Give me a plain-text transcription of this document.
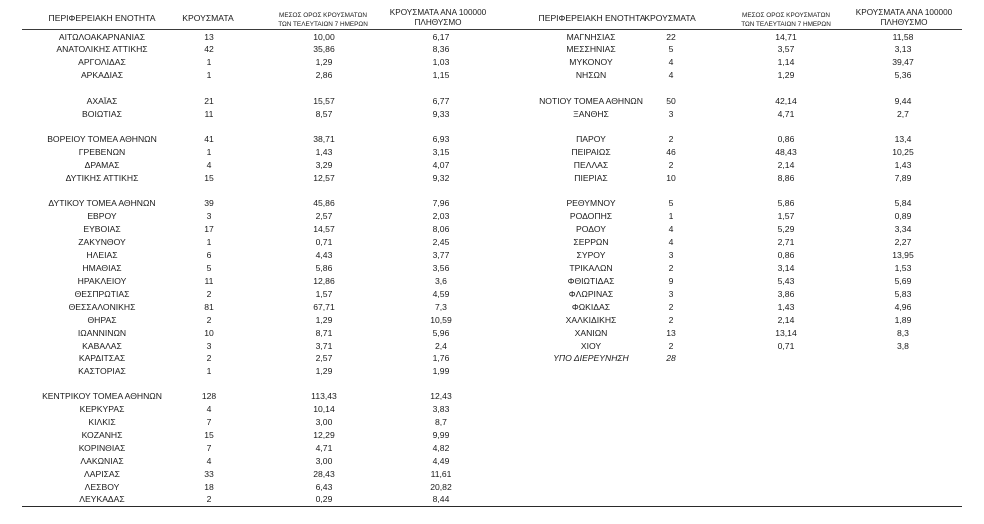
ΠΕΡΙΦΕΡΕΙΑΚΗ ΕΝΟΤΗΤΑ	ΚΡΟΥΣΜΑΤΑ	ΜΕΣΟΣ ΟΡΟΣ ΚΡΟΥΣΜΑΤΩΝ
ΤΩΝ ΤΕΛΕΥΤΑΙΩΝ 7 ΗΜΕΡΩΝ
ΚΡΟΥΣΜΑΤΑ ΑΝΑ 100000
ΠΛΗΘΥΣΜΟ	ΠΕΡΙΦΕΡΕΙΑΚΗ ΕΝΟΤΗΤΑ
ΚΡΟΥΣΜΑΤΑ	ΜΕΣΟΣ ΟΡΟΣ ΚΡΟΥΣΜΑΤΩΝ
ΤΩΝ ΤΕΛΕΥΤΑΙΩΝ 7 ΗΜΕΡΩΝ
ΚΡΟΥΣΜΑΤΑ ΑΝΑ 100000
ΠΛΗΘΥΣΜΟ
ΑΙΤΩΛΟΑΚΑΡΝΑΝΙΑΣ	13	10,00	6,17
ΑΝΑΤΟΛΙΚΗΣ ΑΤΤΙΚΗΣ	42	35,86	8,36
ΑΡΓΟΛΙΔΑΣ	1	1,29	1,03
ΑΡΚΑΔΙΑΣ	1	2,86	1,15
ΑΧΑΪΑΣ	21	15,57	6,77
ΒΟΙΩΤΙΑΣ	11	8,57	9,33
ΒΟΡΕΙΟΥ ΤΟΜΕΑ ΑΘΗΝΩΝ	41	38,71	6,93
ΓΡΕΒΕΝΩΝ	1	1,43	3,15
ΔΡΑΜΑΣ	4	3,29	4,07
ΔΥΤΙΚΗΣ ΑΤΤΙΚΗΣ	15	12,57	9,32
ΔΥΤΙΚΟΥ ΤΟΜΕΑ ΑΘΗΝΩΝ	39	45,86	7,96
ΕΒΡΟΥ	3	2,57	2,03
ΕΥΒΟΙΑΣ	17	14,57	8,06
ΖΑΚΥΝΘΟΥ	1	0,71	2,45
ΗΛΕΙΑΣ	6	4,43	3,77
ΗΜΑΘΙΑΣ	5	5,86	3,56
ΗΡΑΚΛΕΙΟΥ	11	12,86	3,6
ΘΕΣΠΡΩΤΙΑΣ	2	1,57	4,59
ΘΕΣΣΑΛΟΝΙΚΗΣ	81	67,71	7,3
ΘΗΡΑΣ	2	1,29	10,59
ΙΩΑΝΝΙΝΩΝ	10	8,71	5,96
ΚΑΒΑΛΑΣ	3	3,71	2,4
ΚΑΡΔΙΤΣΑΣ	2	2,57	1,76
ΚΑΣΤΟΡΙΑΣ	1	1,29	1,99
ΚΕΝΤΡΙΚΟΥ ΤΟΜΕΑ ΑΘΗΝΩΝ	128	113,43	12,43
ΚΕΡΚΥΡΑΣ	4	10,14	3,83
ΚΙΛΚΙΣ	7	3,00	8,7
ΚΟΖΑΝΗΣ	15	12,29	9,99
ΚΟΡΙΝΘΙΑΣ	7	4,71	4,82
ΛΑΚΩΝΙΑΣ	4	3,00	4,49
ΛΑΡΙΣΑΣ	33	28,43	11,61
ΛΕΣΒΟΥ	18	6,43	20,82
ΛΕΥΚΑΔΑΣ	2	0,29	8,44
ΜΑΓΝΗΣΙΑΣ	22	14,71	11,58
ΜΕΣΣΗΝΙΑΣ	5	3,57	3,13
ΜΥΚΟΝΟΥ	4	1,14	39,47
ΝΗΣΩΝ	4	1,29	5,36
ΝΟΤΙΟΥ ΤΟΜΕΑ ΑΘΗΝΩΝ	50	42,14	9,44
ΞΑΝΘΗΣ	3	4,71	2,7
ΠΑΡΟΥ	2	0,86	13,4
ΠΕΙΡΑΙΩΣ	46	48,43	10,25
ΠΕΛΛΑΣ	2	2,14	1,43
ΠΙΕΡΙΑΣ	10	8,86	7,89
ΡΕΘΥΜΝΟΥ	5	5,86	5,84
ΡΟΔΟΠΗΣ	1	1,57	0,89
ΡΟΔΟΥ	4	5,29	3,34
ΣΕΡΡΩΝ	4	2,71	2,27
ΣΥΡΟΥ	3	0,86	13,95
ΤΡΙΚΑΛΩΝ	2	3,14	1,53
ΦΘΙΩΤΙΔΑΣ	9	5,43	5,69
ΦΛΩΡΙΝΑΣ	3	3,86	5,83
ΦΩΚΙΔΑΣ	2	1,43	4,96
ΧΑΛΚΙΔΙΚΗΣ	2	2,14	1,89
ΧΑΝΙΩΝ	13	13,14	8,3
ΧΙΟΥ	2	0,71	3,8
ΥΠΟ ΔΙΕΡΕΥΝΗΣΗ	28
